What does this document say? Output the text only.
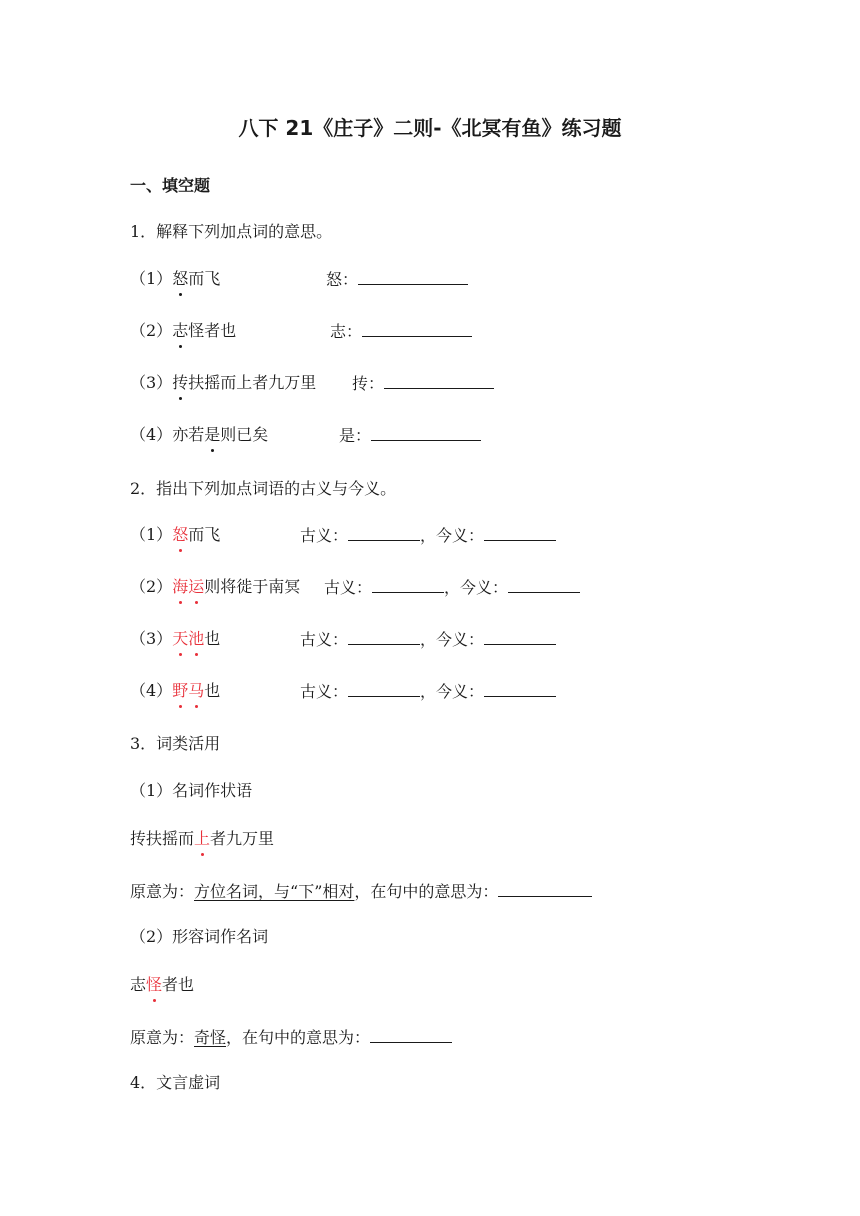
八下 21《庄子》二则-《北冥有鱼》练习题
一、填空题
1．解释下列加点词的意思。
（1）怒而飞	怒：
（2）志怪者也	志：
（3）抟扶摇而上者九万里 抟：
（4）亦若是则已矣	是：
2．指出下列加点词语的古义与今义。
（1）怒而飞	古义：	，今义：
（2）海运则将徙于南冥 古义：	，今义：
（3）天池也	古义：	，今义：
（4）野马也	古义：	，今义：
3．词类活用
（1）名词作状语
抟扶摇而上者九万里
原意为：方位名词，与“下”相对，在句中的意思为：
（2）形容词作名词
志怪者也
原意为：奇怪，在句中的意思为：
4．文言虚词
